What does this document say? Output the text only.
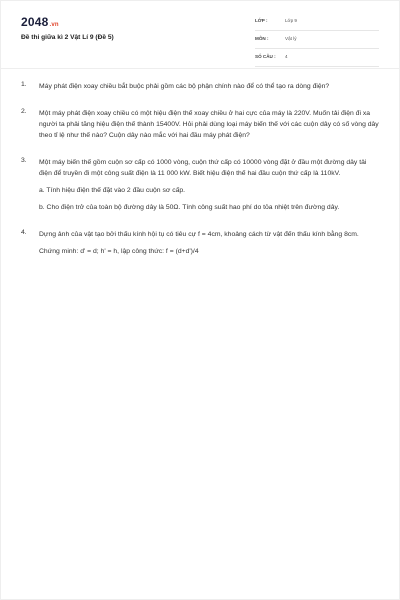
2048.vn
Đề thi giữa kì 2 Vật Lí 9 (Đề 5)
LỚP :	Lớp 9
MÔN :	Vật lý
SỐ CÂU : 4
1. Máy phát điện xoay chiều bắt buộc phải gồm các bộ phận chính nào để có thể tạo ra dòng điện?
2. Một máy phát điện xoay chiều có một hiệu điện thế xoay chiều ở hai cực của máy là 220V. Muốn tải điện đi xa người ta phải tăng hiệu điện thế thành 15400V. Hỏi phải dùng loại máy biến thế với các cuộn dây có số vòng dây theo tỉ lệ như thế nào? Cuộn dây nào mắc với hai đầu máy phát điện?
3. Một máy biến thế gồm cuộn sơ cấp có 1000 vòng, cuộn thứ cấp có 10000 vòng đặt ở đầu một đường dây tải điện để truyền đi một công suất điện là 11 000 kW. Biết hiệu điện thế hai đầu cuộn thứ cấp là 110kV.
a. Tính hiệu điện thế đặt vào 2 đầu cuộn sơ cấp.
b. Cho điện trở của toàn bộ đường dây là 50Ω. Tính công suất hao phí do tỏa nhiệt trên đường dây.
4. Dựng ảnh của vật tạo bởi thấu kính hội tụ có tiêu cự f = 4cm, khoảng cách từ vật đến thấu kính bằng 8cm.
Chứng minh: d' = d; h' = h, lập công thức: f = (d+d')/4
